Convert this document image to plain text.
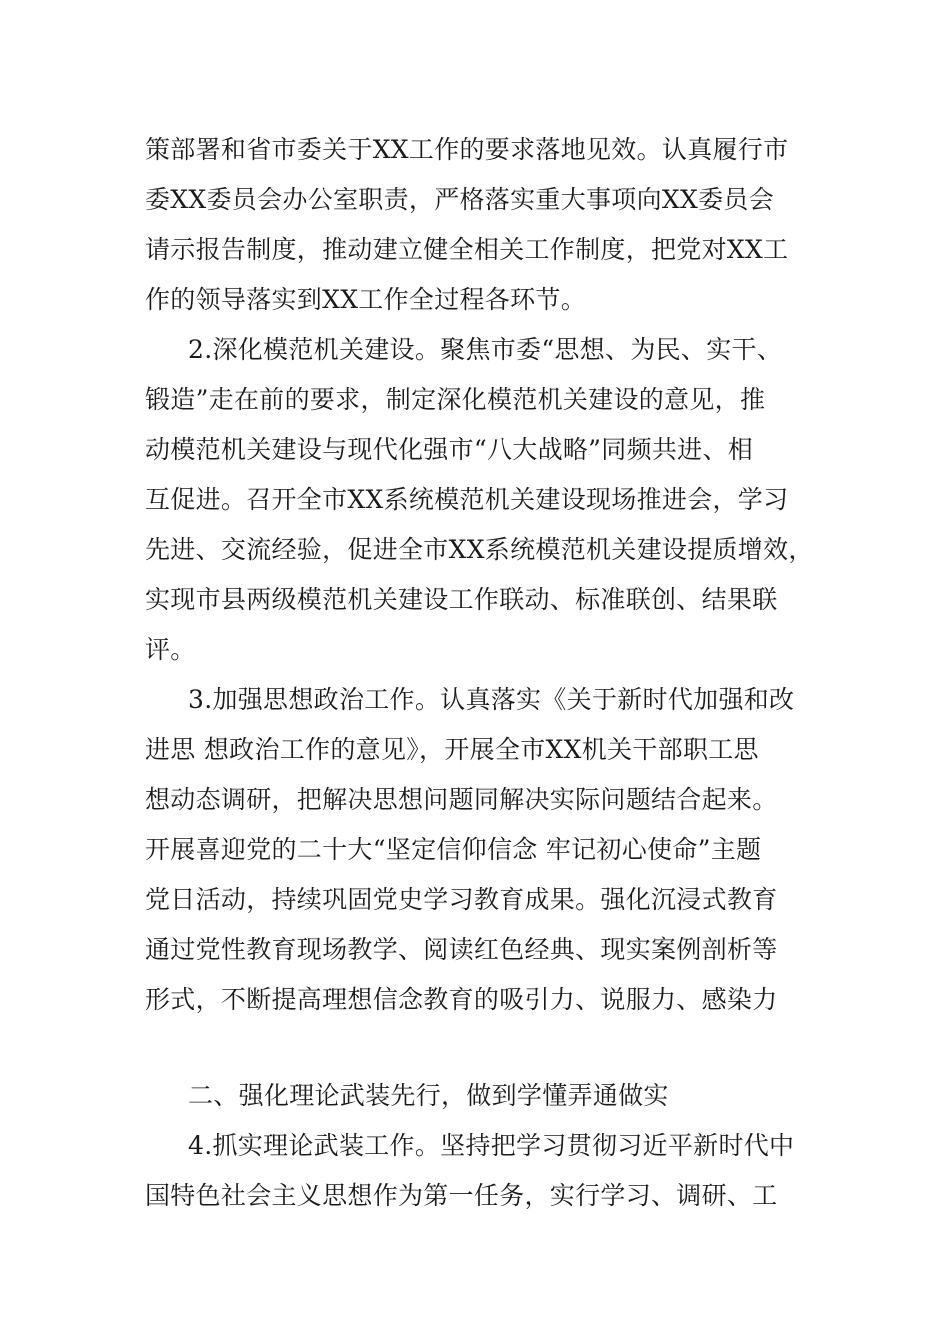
策部署和省市委关于XX工作的要求落地见效。认真履行市
委XX委员会办公室职责，严格落实重大事项向XX委员会
请示报告制度，推动建立健全相关工作制度，把党对XX工
作的领导落实到XX工作全过程各环节。
2.深化模范机关建设。聚焦市委“思想、为民、实干、
锻造”走在前的要求，制定深化模范机关建设的意见，推
动模范机关建设与现代化强市“八大战略”同频共进、相
互促进。召开全市XX系统模范机关建设现场推进会，学习
先进、交流经验，促进全市XX系统模范机关建设提质增效，
实现市县两级模范机关建设工作联动、标准联创、结果联
评。
3.加强思想政治工作。认真落实《关于新时代加强和改
进思 想政治工作的意见》，开展全市XX机关干部职工思
想动态调研，把解决思想问题同解决实际问题结合起来。
开展喜迎党的二十大“坚定信仰信念 牢记初心使命”主题
党日活动，持续巩固党史学习教育成果。强化沉浸式教育
通过党性教育现场教学、阅读红色经典、现实案例剖析等
形式，不断提高理想信念教育的吸引力、说服力、感染力
二、强化理论武装先行，做到学懂弄通做实
4.抓实理论武装工作。坚持把学习贯彻习近平新时代中
国特色社会主义思想作为第一任务，实行学习、调研、工
